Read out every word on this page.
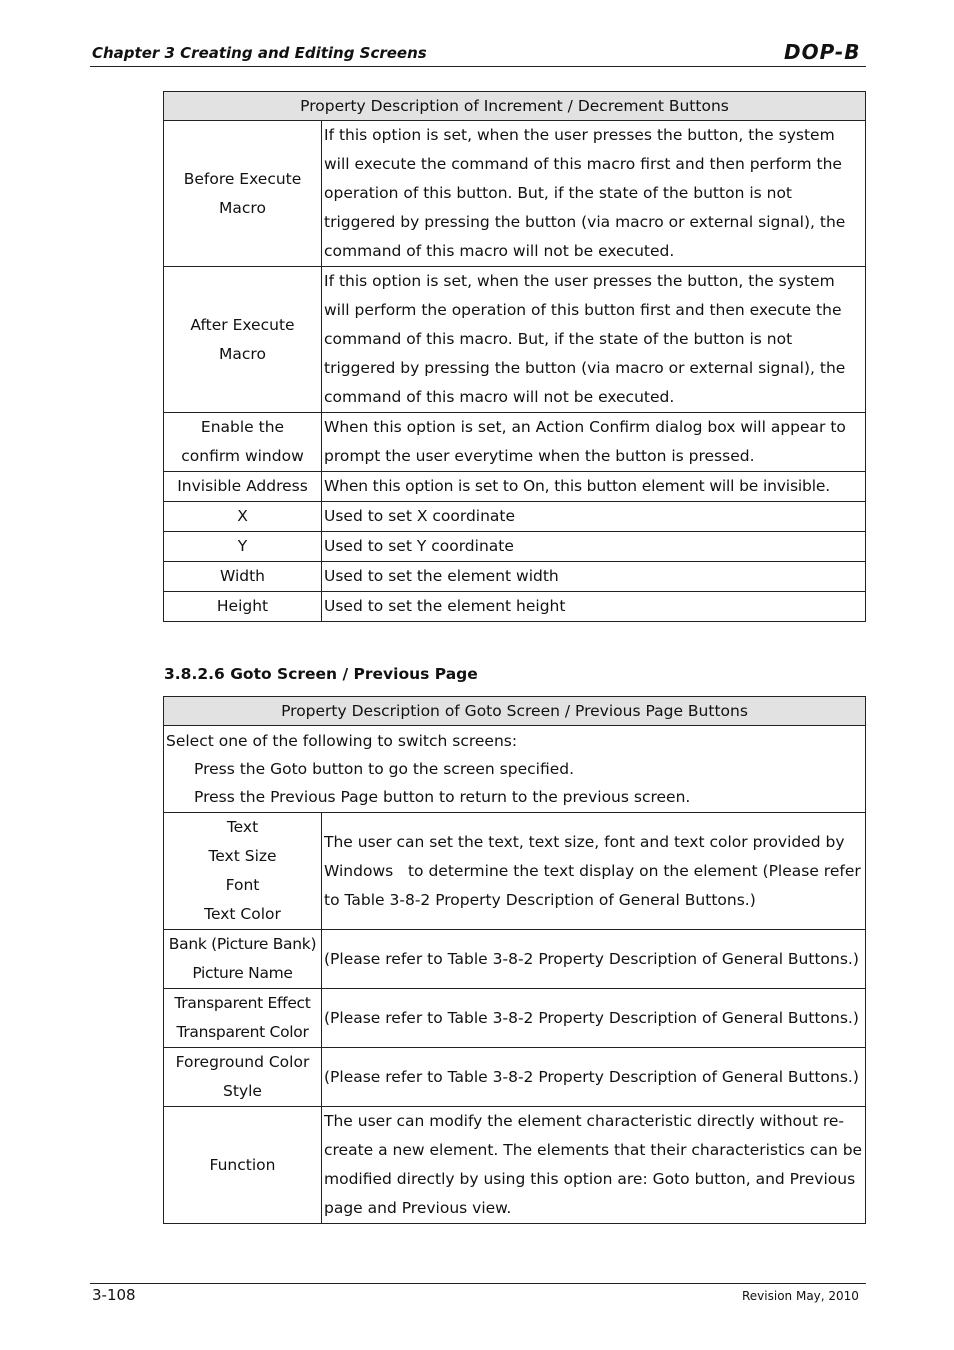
Chapter 3 Creating and Editing Screens	DOP-B
Property Description of Increment / Decrement Buttons	

Before Execute
Macro	If this option is set, when the user presses the button, the system will execute the command of this macro first and then perform the operation of this button. But, if the state of the button is not triggered by pressing the button (via macro or external signal), the command of this macro will not be executed.

After Execute
Macro	If this option is set, when the user presses the button, the system will perform the operation of this button first and then execute the command of this macro. But, if the state of the button is not triggered by pressing the button (via macro or external signal), the command of this macro will not be executed.

Enable the
confirm window	When this option is set, an Action Confirm dialog box will appear to prompt the user everytime when the button is pressed.
Invisible Address	When this option is set to On, this button element will be invisible.
X	Used to set X coordinate
Y	Used to set Y coordinate
Width	Used to set the element width
Height	Used to set the element height
3.8.2.6 Goto Screen / Previous Page
Property Description of Goto Screen / Previous Page Buttons	

Select one of the following to switch screens:
Press the Goto button to go the screen specified.
Press the Previous Page button to return to the previous screen.	

Text
Text Size
Font
Text Color	The user can set the text, text size, font and text color provided by Windows   to determine the text display on the element (Please refer to Table 3-8-2 Property Description of General Buttons.)

Bank (Picture Bank)
Picture Name	(Please refer to Table 3-8-2 Property Description of General Buttons.)

Transparent Effect
Transparent Color	(Please refer to Table 3-8-2 Property Description of General Buttons.)

Foreground Color
Style	(Please refer to Table 3-8-2 Property Description of General Buttons.)
Function	The user can modify the element characteristic directly without re-create a new element. The elements that their characteristics can be modified directly by using this option are: Goto button, and Previous page and Previous view.
3-108	Revision May, 2010
